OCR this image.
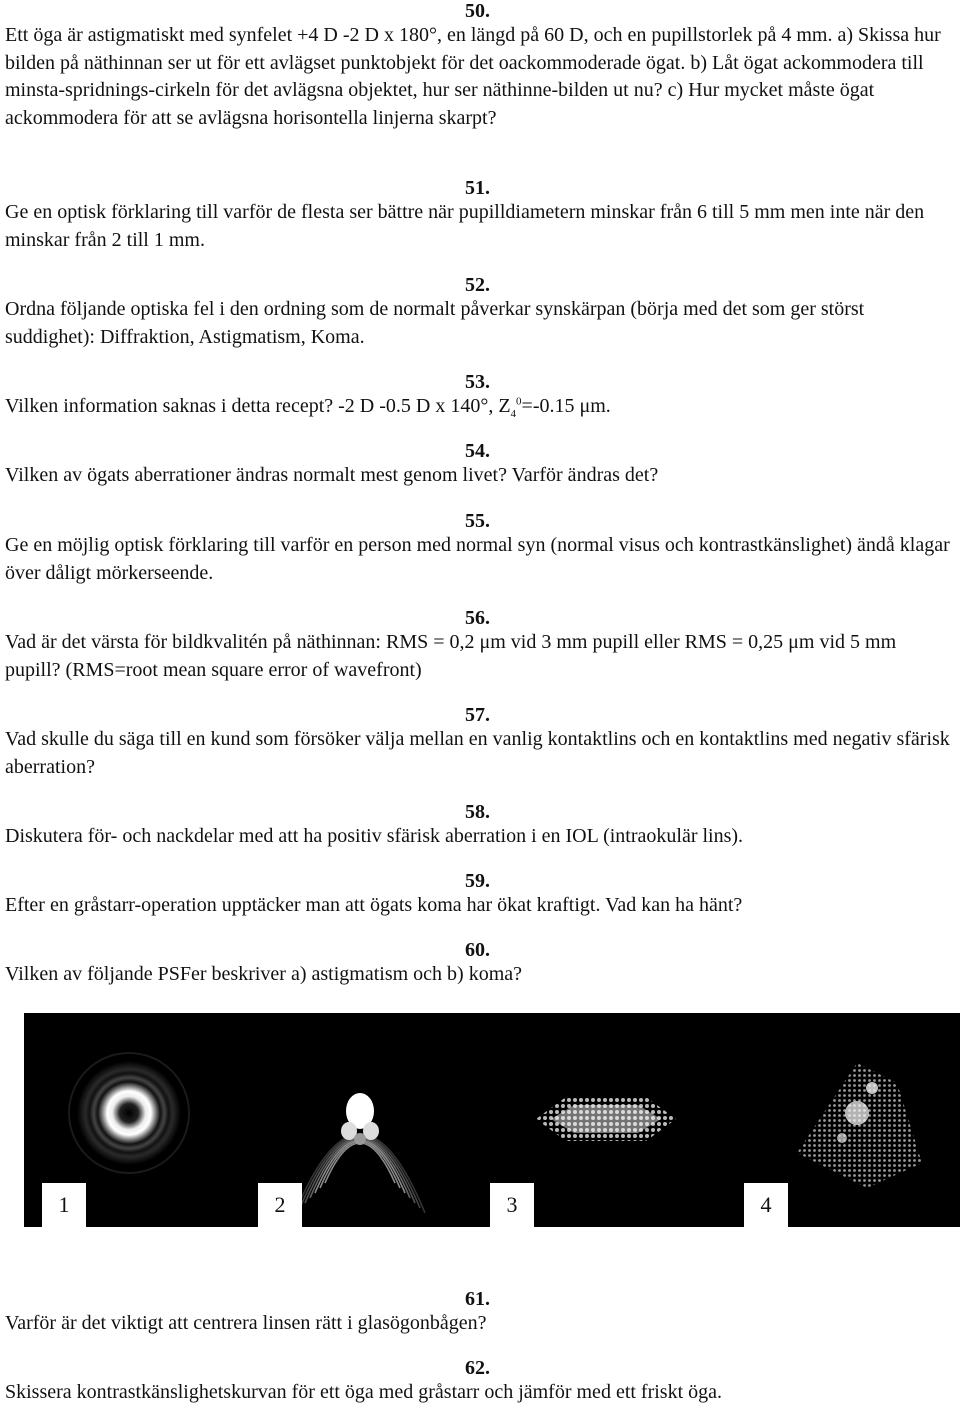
50.

Ett öga är astigmatiskt med synfelet +4 D -2 D x 180°, en längd på 60 D, och en pupillstorlek på 4 mm. a) Skissa hur bilden på näthinnan ser ut för ett avlägset punktobjekt för det oackommoderade ögat. b) Låt ögat ackommodera till minsta-spridnings-cirkeln för det avlägsna objektet, hur ser näthinne-bilden ut nu? c) Hur mycket måste ögat ackommodera för att se avlägsna horisontella linjerna skarpt?

51.

Ge en optisk förklaring till varför de flesta ser bättre när pupilldiametern minskar från 6 till 5 mm men inte när den minskar från 2 till 1 mm.

52.

Ordna följande optiska fel i den ordning som de normalt påverkar synskärpan (börja med det som ger störst suddighet): Diffraktion, Astigmatism, Koma.

53.

Vilken information saknas i detta recept? -2 D -0.5 D x 140°, $Z_4^0=-0.15$ μm.

54.

Vilken av ögats aberrationer ändras normalt mest genom livet? Varför ändras det?

55.

Ge en möjlig optisk förklaring till varför en person med normal syn (normal visus och kontrastkänslighet) ändå klagar över dåligt mörkerseende.

56.

Vad är det värsta för bildkvalitén på näthinnan: RMS = 0,2 μm vid 3 mm pupill eller RMS = 0,25 μm vid 5 mm pupill? (RMS=root mean square error of wavefront)

57.

Vad skulle du säga till en kund som försöker välja mellan en vanlig kontaktlins och en kontaktlins med negativ sfärisk aberration?

58.

Diskutera för- och nackdelar med att ha positiv sfärisk aberration i en IOL (intraokulär lins).

59.

Efter en gråstarr-operation upptäcker man att ögats koma har ökat kraftigt. Vad kan ha hänt?

60.

Vilken av följande PSFer beskriver a) astigmatism och b) koma?

1	2	3	4

61.

Varför är det viktigt att centrera linsen rätt i glasögonbågen?

62.

Skissera kontrastkänslighetskurvan för ett öga med gråstarr och jämför med ett friskt öga.
